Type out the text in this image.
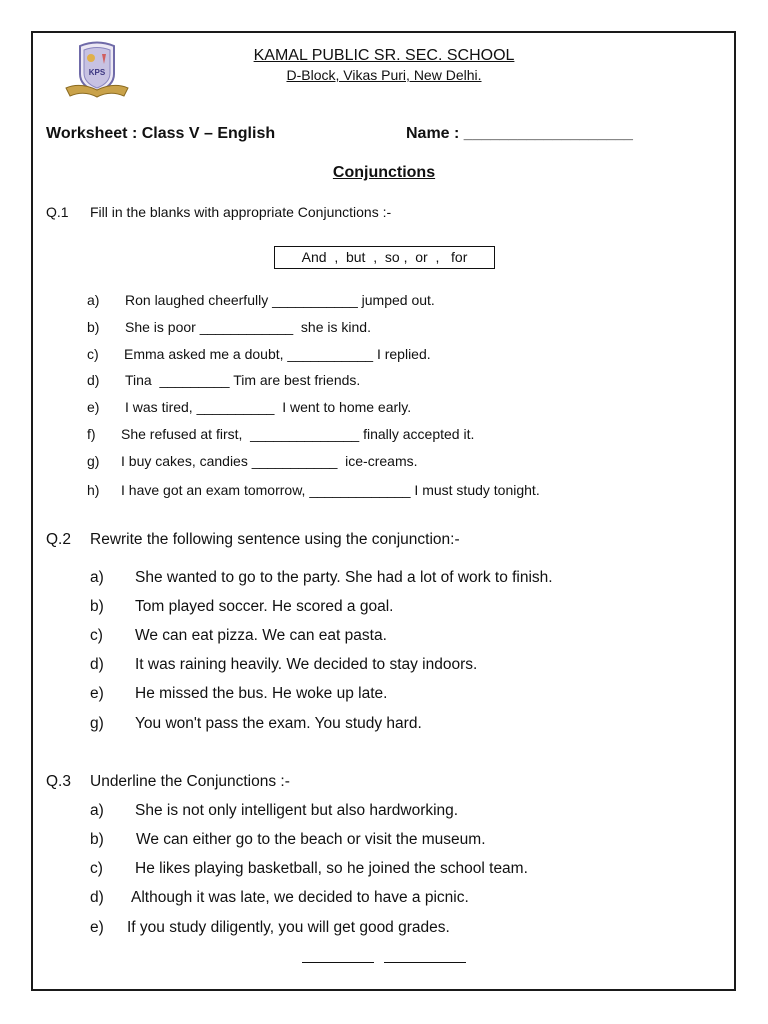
KPS
KAMAL PUBLIC SR. SEC. SCHOOL
D-Block, Vikas Puri, New Delhi.
Worksheet : Class V – English	Name : ___________________
Conjunctions
Q.1 Fill in the blanks with appropriate Conjunctions :-
And  ,  but  ,  so ,  or  ,   for
a) Ron laughed cheerfully ___________ jumped out.
b) She is poor ____________  she is kind.
c) Emma asked me a doubt, ___________ I replied.
d) Tina  _________ Tim are best friends.
e) I was tired, __________  I went to home early.
f) She refused at first,  ______________ finally accepted it.
g) I buy cakes, candies ___________  ice-creams.
h) I have got an exam tomorrow, _____________ I must study tonight.
Q.2 Rewrite the following sentence using the conjunction:-
a) She wanted to go to the party. She had a lot of work to finish.
b) Tom played soccer. He scored a goal.
c) We can eat pizza. We can eat pasta.
d) It was raining heavily. We decided to stay indoors.
e) He missed the bus. He woke up late.
g) You won't pass the exam. You study hard.
Q.3 Underline the Conjunctions :-
a) She is not only intelligent but also hardworking.
b) We can either go to the beach or visit the museum.
c) He likes playing basketball, so he joined the school team.
d) Although it was late, we decided to have a picnic.
e) If you study diligently, you will get good grades.
